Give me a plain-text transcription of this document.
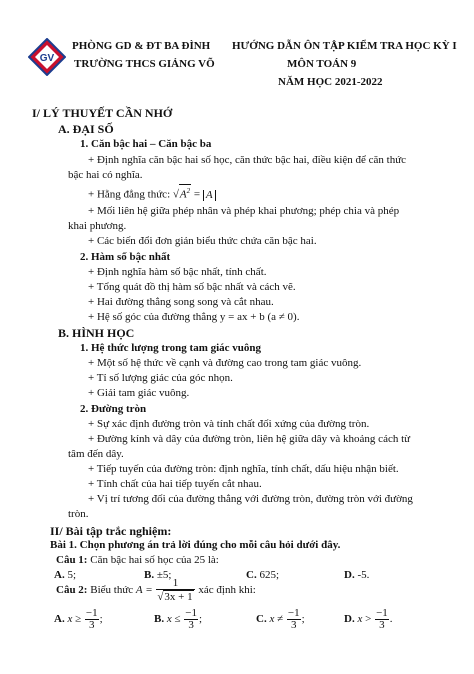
GV
PHÒNG GD & ĐT BA ĐÌNH
TRƯỜNG THCS GIẢNG VÕ
HƯỚNG DẪN ÔN TẬP KIỂM TRA HỌC KỲ I
MÔN TOÁN 9
NĂM HỌC 2021-2022
I/ LÝ THUYẾT CẦN NHỚ
A. ĐẠI SỐ
1. Căn bậc hai – Căn bậc ba
+ Định nghĩa căn bậc hai số học, căn thức bậc hai, điều kiện để căn thức
bậc hai có nghĩa.
+ Hằng đẳng thức: $√A^2 = A$
+ Mối liên hệ giữa phép nhân và phép khai phương; phép chia và phép
khai phương.
+ Các biến đổi đơn giản biểu thức chứa căn bậc hai.
2. Hàm số bậc nhất
+ Định nghĩa hàm số bậc nhất, tính chất.
+ Tổng quát đồ thị hàm số bậc nhất và cách vẽ.
+ Hai đường thẳng song song và cắt nhau.
+ Hệ số góc của đường thẳng y = ax + b (a ≠ 0).
B. HÌNH HỌC
1. Hệ thức lượng trong tam giác vuông
+ Một số hệ thức về cạnh và đường cao trong tam giác vuông.
+ Tỉ số lượng giác của góc nhọn.
+ Giải tam giác vuông.
2. Đường tròn
+ Sự xác định đường tròn và tính chất đối xứng của đường tròn.
+ Đường kính và dây của đường tròn, liên hệ giữa dây và khoảng cách từ
tâm đến dây.
+ Tiếp tuyến của đường tròn: định nghĩa, tính chất, dấu hiệu nhận biết.
+ Tính chất của hai tiếp tuyến cắt nhau.
+ Vị trí tương đối của đường thẳng với đường tròn, đường tròn với đường
tròn.
II/ Bài tập trắc nghiệm:
Bài 1. Chọn phương án trả lời đúng cho mỗi câu hỏi dưới đây.
Câu 1: Căn bậc hai số học của 25 là:
A. 5;	B. ±5;	C. 625;	D. -5.
Câu 2: Biểu thức $A = \frac{1}{√3x + 1}$ xác định khi:
A. $x \ge \frac{-1}{3}$ ;	B. $x \le \frac{-1}{3}$ ;	C. $x \ne \frac{-1}{3}$ ;	D. $x > \frac{-1}{3}$ .
